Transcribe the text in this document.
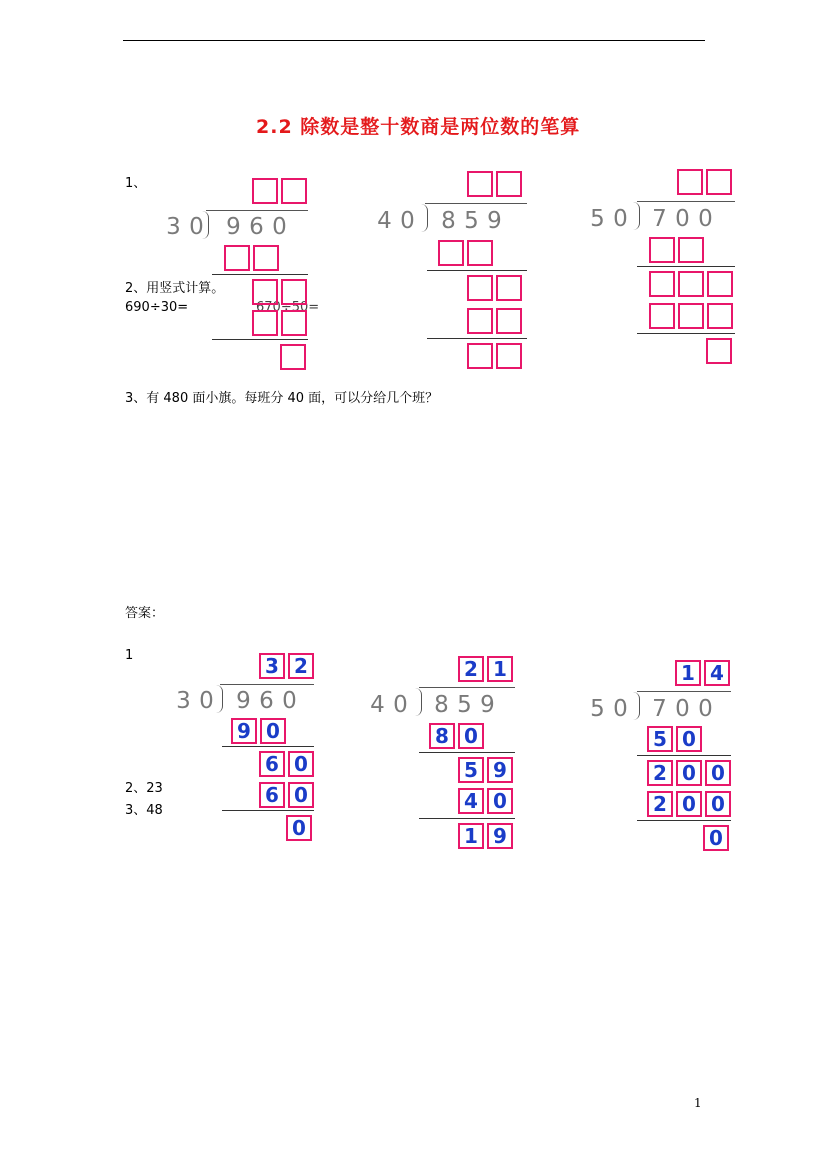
2.2 除数是整十数商是两位数的笔算
1、
2、用竖式计算。
690÷30=	670÷50=
3、有 480 面小旗。每班分 40 面，可以分给几个班？
3 0 9 6 0	4 0 8 5 9	5 0 7 0 0
答案：
1
2、23
3、48
3 2
3 0 9 6 0
9 0
6 0
6 0
0
2 1
4 0 8 5 9
8 0
5 9
4 0
1 9
1 4
5 0 7 0 0
5 0
2 0 0
2 0 0
0
1
